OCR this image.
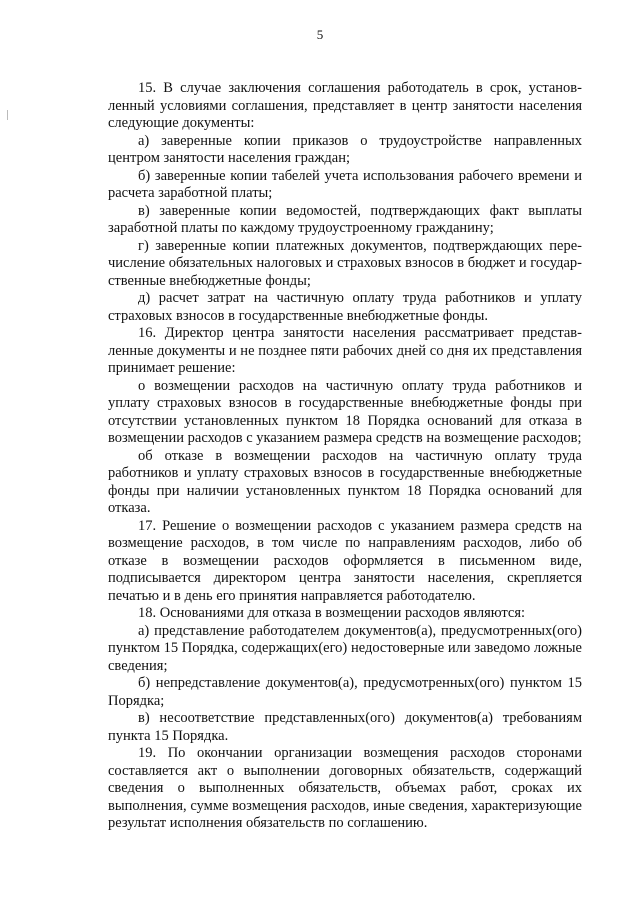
5

15. В случае заключения соглашения работодатель в срок, установленный условиями соглашения, представляет в центр занятости населения следующие документы:

а) заверенные копии приказов о трудоустройстве направленных центром занятости населения граждан;

б) заверенные копии табелей учета использования рабочего времени и расчета заработной платы;

в) заверенные копии ведомостей, подтверждающих факт выплаты заработной платы по каждому трудоустроенному гражданину;

г) заверенные копии платежных документов, подтверждающих перечисление обязательных налоговых и страховых взносов в бюджет и государственные внебюджетные фонды;

д) расчет затрат на частичную оплату труда работников и уплату страховых взносов в государственные внебюджетные фонды.

16. Директор центра занятости населения рассматривает представленные документы и не позднее пяти рабочих дней со дня их представления принимает решение:

о возмещении расходов на частичную оплату труда работников и уплату страховых взносов в государственные внебюджетные фонды при отсутствии установленных пунктом 18 Порядка оснований для отказа в возмещении расходов с указанием размера средств на возмещение расходов;

об отказе в возмещении расходов на частичную оплату труда работников и уплату страховых взносов в государственные внебюджетные фонды при наличии установленных пунктом 18 Порядка оснований для отказа.

17. Решение о возмещении расходов с указанием размера средств на возмещение расходов, в том числе по направлениям расходов, либо об отказе в возмещении расходов оформляется в письменном виде, подписывается директором центра занятости населения, скрепляется печатью и в день его принятия направляется работодателю.

18. Основаниями для отказа в возмещении расходов являются:

а) представление работодателем документов(а), предусмотренных(ого) пунктом 15 Порядка, содержащих(его) недостоверные или заведомо ложные сведения;

б) непредставление документов(а), предусмотренных(ого) пунктом 15 Порядка;

в) несоответствие представленных(ого) документов(а) требованиям пункта 15 Порядка.

19. По окончании организации возмещения расходов сторонами составляется акт о выполнении договорных обязательств, содержащий сведения о выполненных обязательств, объемах работ, сроках их выполнения, сумме возмещения расходов, иные сведения, характеризующие результат исполнения обязательств по соглашению.
